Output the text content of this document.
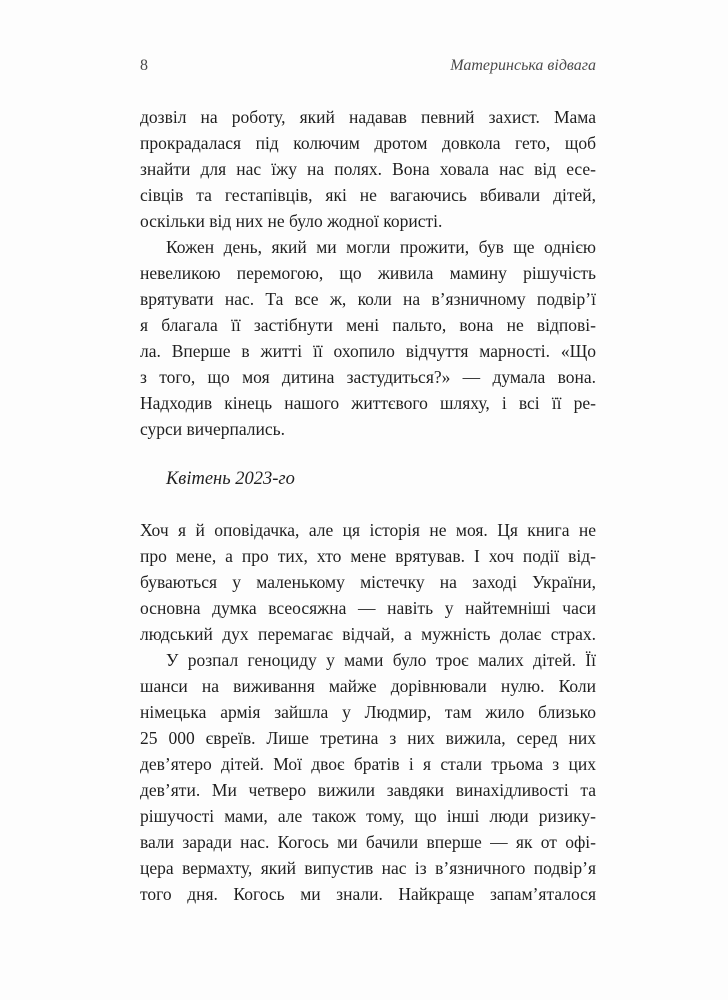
8	Материнська відвага
дозвіл на роботу, який надавав певний захист. Мама
прокрадалася під колючим дротом довкола гето, щоб
знайти для нас їжу на полях. Вона ховала нас від есе-
сівців та гестапівців, які не вагаючись вбивали дітей,
оскільки від них не було жодної користі.
Кожен день, який ми могли прожити, був ще однією
невеликою перемогою, що живила мамину рішучість
врятувати нас. Та все ж, коли на в’язничному подвір’ї
я благала її застібнути мені пальто, вона не відпові-
ла. Вперше в житті її охопило відчуття марності. «Що
з того, що моя дитина застудиться?» — думала вона.
Надходив кінець нашого життєвого шляху, і всі її ре-
сурси вичерпались.
Квітень 2023-го
Хоч я й оповідачка, але ця історія не моя. Ця книга не
про мене, а про тих, хто мене врятував. І хоч події від-
буваються у маленькому містечку на заході України,
основна думка всеосяжна — навіть у найтемніші часи
людський дух перемагає відчай, а мужність долає страх.
У розпал геноциду у мами було троє малих дітей. Її
шанси на виживання майже дорівнювали нулю. Коли
німецька армія зайшла у Людмир, там жило близько
25 000 євреїв. Лише третина з них вижила, серед них
дев’ятеро дітей. Мої двоє братів і я стали трьома з цих
дев’яти. Ми четверо вижили завдяки винахідливості та
рішучості мами, але також тому, що інші люди ризику-
вали заради нас. Когось ми бачили вперше — як от офі-
цера вермахту, який випустив нас із в’язничного подвір’я
того дня. Когось ми знали. Найкраще запам’яталося
